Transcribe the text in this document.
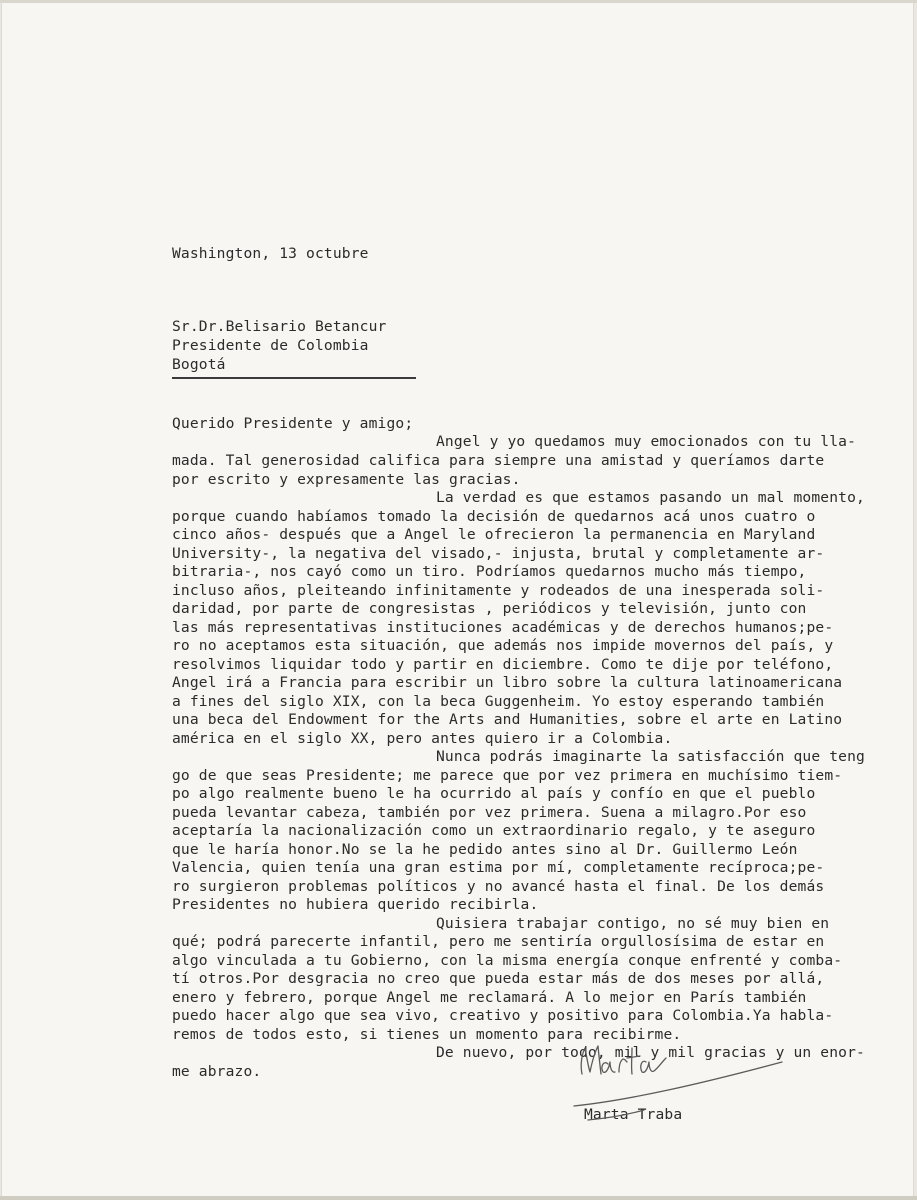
Washington, 13 octubre

Sr.Dr.Belisario Betancur

Presidente de Colombia

Bogotá

Querido Presidente y amigo;

Angel y yo quedamos muy emocionados con tu lla-

mada. Tal generosidad califica para siempre una amistad y queríamos darte

por escrito y expresamente las gracias.

La verdad es que estamos pasando un mal momento,

porque cuando habíamos tomado la decisión de quedarnos acá unos cuatro o

cinco años- después que a Angel le ofrecieron la permanencia en Maryland

University-, la negativa del visado,- injusta, brutal y completamente ar-

bitraria-, nos cayó como un tiro. Podríamos quedarnos mucho más tiempo,

incluso años, pleiteando infinitamente y rodeados de una inesperada soli-

daridad, por parte de congresistas , periódicos y televisión, junto con

las más representativas instituciones académicas y de derechos humanos;pe-

ro no aceptamos esta situación, que además nos impide movernos del país, y

resolvimos liquidar todo y partir en diciembre. Como te dije por teléfono,

Angel irá a Francia para escribir un libro sobre la cultura latinoamericana

a fines del siglo XIX, con la beca Guggenheim. Yo estoy esperando también

una beca del Endowment for the Arts and Humanities, sobre el arte en Latino

américa en el siglo XX, pero antes quiero ir a Colombia.

Nunca podrás imaginarte la satisfacción que teng

go de que seas Presidente; me parece que por vez primera en muchísimo tiem-

po algo realmente bueno le ha ocurrido al país y confío en que el pueblo

pueda levantar cabeza, también por vez primera. Suena a milagro.Por eso

aceptaría la nacionalización como un extraordinario regalo, y te aseguro

que le haría honor.No se la he pedido antes sino al Dr. Guillermo León

Valencia, quien tenía una gran estima por mí, completamente recíproca;pe-

ro surgieron problemas políticos y no avancé hasta el final. De los demás

Presidentes no hubiera querido recibirla.

Quisiera trabajar contigo, no sé muy bien en

qué; podrá parecerte infantil, pero me sentiría orgullosísima de estar en

algo vinculada a tu Gobierno, con la misma energía conque enfrenté y comba-

tí otros.Por desgracia no creo que pueda estar más de dos meses por allá,

enero y febrero, porque Angel me reclamará. A lo mejor en París también

puedo hacer algo que sea vivo, creativo y positivo para Colombia.Ya habla-

remos de todos esto, si tienes un momento para recibirme.

De nuevo, por todo, mil y mil gracias y un enor-

me abrazo.

Marta Traba
